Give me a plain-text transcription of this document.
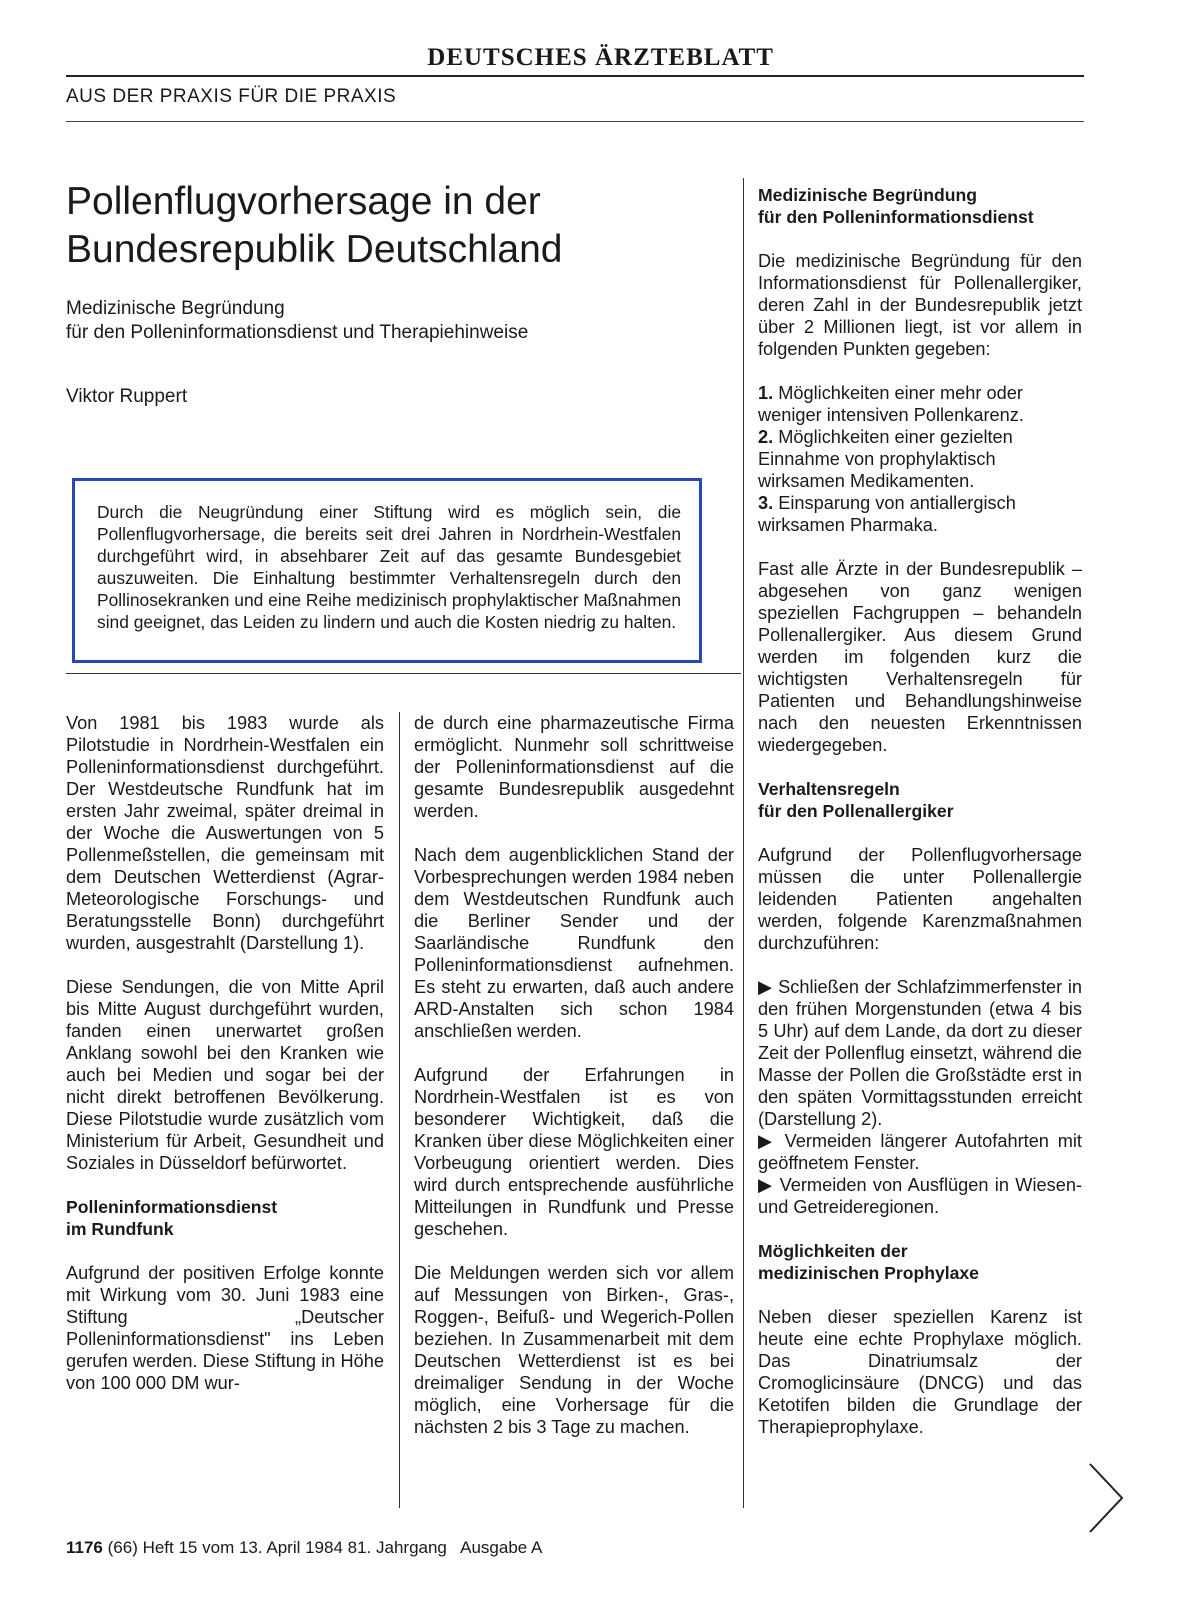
DEUTSCHES ÄRZTEBLATT
AUS DER PRAXIS FÜR DIE PRAXIS
Pollenflugvorhersage in der
Bundesrepublik Deutschland
Medizinische Begründung
für den Polleninformationsdienst und Therapiehinweise
Viktor Ruppert
Durch die Neugründung einer Stiftung wird es möglich sein, die Pollenflugvorhersage, die bereits seit drei Jahren in Nordrhein-Westfalen durchgeführt wird, in absehbarer Zeit auf das gesamte Bundesgebiet auszuweiten. Die Einhaltung bestimmter Verhaltensregeln durch den Pollinosekranken und eine Reihe medizinisch prophylaktischer Maßnahmen sind geeignet, das Leiden zu lindern und auch die Kosten niedrig zu halten.

Von 1981 bis 1983 wurde als Pilotstudie in Nordrhein-Westfalen ein Polleninformationsdienst durchgeführt. Der Westdeutsche Rundfunk hat im ersten Jahr zweimal, später dreimal in der Woche die Auswertungen von 5 Pollenmeßstellen, die gemeinsam mit dem Deutschen Wetterdienst (Agrar-Meteorologische Forschungs- und Beratungsstelle Bonn) durchgeführt wurden, ausgestrahlt (Darstellung 1).

Diese Sendungen, die von Mitte April bis Mitte August durchgeführt wurden, fanden einen unerwartet großen Anklang sowohl bei den Kranken wie auch bei Medien und sogar bei der nicht direkt betroffenen Bevölkerung. Diese Pilotstudie wurde zusätzlich vom Ministerium für Arbeit, Gesundheit und Soziales in Düsseldorf befürwortet.

Polleninformationsdienst
im Rundfunk

Aufgrund der positiven Erfolge konnte mit Wirkung vom 30. Juni 1983 eine Stiftung „Deutscher Polleninformationsdienst" ins Leben gerufen werden. Diese Stiftung in Höhe von 100 000 DM wur-

de durch eine pharmazeutische Firma ermöglicht. Nunmehr soll schrittweise der Polleninformationsdienst auf die gesamte Bundesrepublik ausgedehnt werden.

Nach dem augenblicklichen Stand der Vorbesprechungen werden 1984 neben dem Westdeutschen Rundfunk auch die Berliner Sender und der Saarländische Rundfunk den Polleninformationsdienst aufnehmen. Es steht zu erwarten, daß auch andere ARD-Anstalten sich schon 1984 anschließen werden.

Aufgrund der Erfahrungen in Nordrhein-Westfalen ist es von besonderer Wichtigkeit, daß die Kranken über diese Möglichkeiten einer Vorbeugung orientiert werden. Dies wird durch entsprechende ausführliche Mitteilungen in Rundfunk und Presse geschehen.

Die Meldungen werden sich vor allem auf Messungen von Birken-, Gras-, Roggen-, Beifuß- und Wegerich-Pollen beziehen. In Zusammenarbeit mit dem Deutschen Wetterdienst ist es bei dreimaliger Sendung in der Woche möglich, eine Vorhersage für die nächsten 2 bis 3 Tage zu machen.

Medizinische Begründung
für den Polleninformationsdienst

Die medizinische Begründung für den Informationsdienst für Pollenallergiker, deren Zahl in der Bundesrepublik jetzt über 2 Millionen liegt, ist vor allem in folgenden Punkten gegeben:

1. Möglichkeiten einer mehr oder weniger intensiven Pollenkarenz.
2. Möglichkeiten einer gezielten Einnahme von prophylaktisch wirksamen Medikamenten.
3. Einsparung von antiallergisch wirksamen Pharmaka.

Fast alle Ärzte in der Bundesrepublik – abgesehen von ganz wenigen speziellen Fachgruppen – behandeln Pollenallergiker. Aus diesem Grund werden im folgenden kurz die wichtigsten Verhaltensregeln für Patienten und Behandlungshinweise nach den neuesten Erkenntnissen wiedergegeben.

Verhaltensregeln
für den Pollenallergiker

Aufgrund der Pollenflugvorhersage müssen die unter Pollenallergie leidenden Patienten angehalten werden, folgende Karenzmaßnahmen durchzuführen:

▶ Schließen der Schlafzimmerfenster in den frühen Morgenstunden (etwa 4 bis 5 Uhr) auf dem Lande, da dort zu dieser Zeit der Pollenflug einsetzt, während die Masse der Pollen die Großstädte erst in den späten Vormittagsstunden erreicht (Darstellung 2).
▶ Vermeiden längerer Autofahrten mit geöffnetem Fenster.
▶ Vermeiden von Ausflügen in Wiesen- und Getreideregionen.

Möglichkeiten der
medizinischen Prophylaxe

Neben dieser speziellen Karenz ist heute eine echte Prophylaxe möglich. Das Dinatriumsalz der Cromoglicinsäure (DNCG) und das Ketotifen bilden die Grundlage der Therapieprophylaxe.

1176 (66) Heft 15 vom 13. April 1984 81. Jahrgang   Ausgabe A
